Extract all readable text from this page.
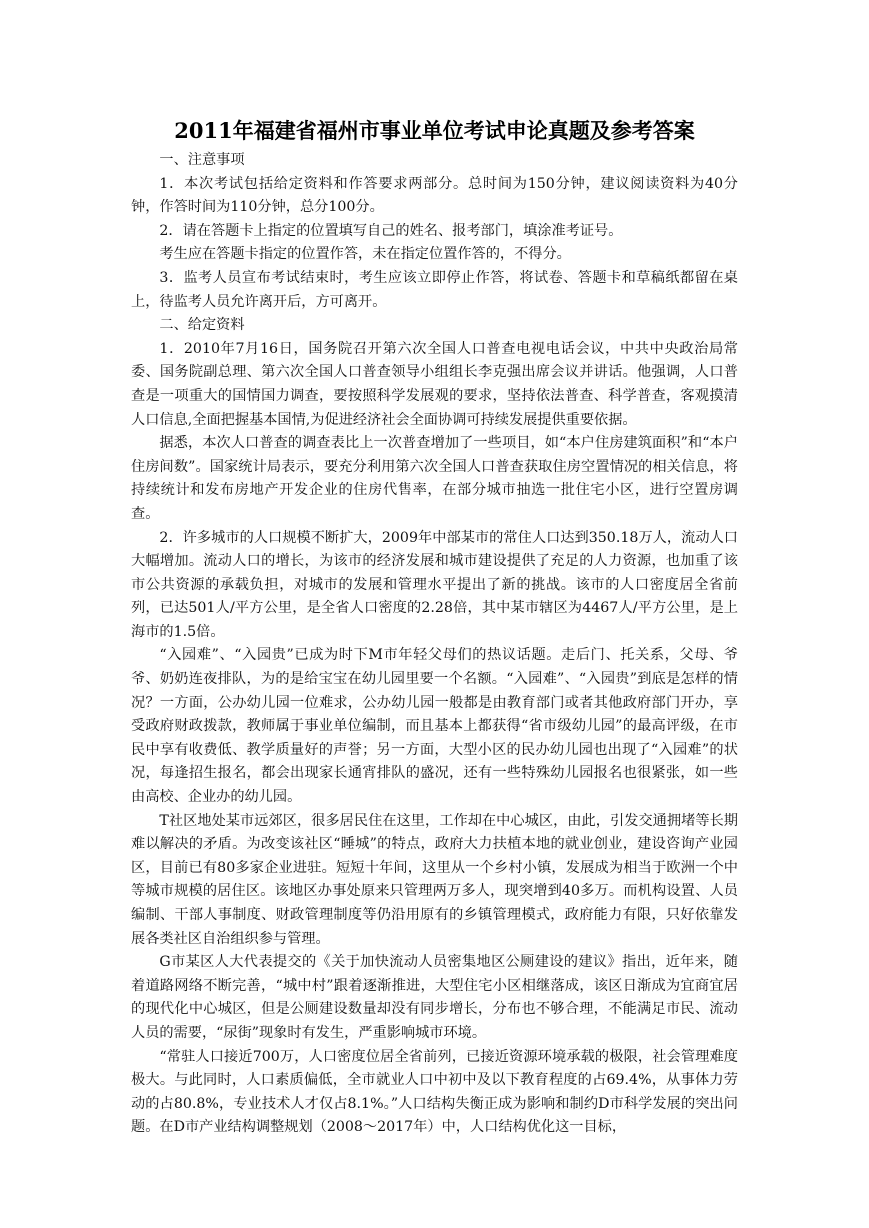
2011年福建省福州市事业单位考试申论真题及参考答案

一、注意事项

1．本次考试包括给定资料和作答要求两部分。总时间为150分钟，建议阅读资料为40分钟，作答时间为110分钟，总分100分。

2．请在答题卡上指定的位置填写自己的姓名、报考部门，填涂准考证号。

考生应在答题卡指定的位置作答，未在指定位置作答的，不得分。

3．监考人员宣布考试结束时，考生应该立即停止作答，将试卷、答题卡和草稿纸都留在桌上，待监考人员允许离开后，方可离开。

二、给定资料

1．2010年7月16日，国务院召开第六次全国人口普查电视电话会议，中共中央政治局常委、国务院副总理、第六次全国人口普查领导小组组长李克强出席会议并讲话。他强调，人口普查是一项重大的国情国力调查，要按照科学发展观的要求，坚持依法普查、科学普查，客观摸清人口信息,全面把握基本国情,为促进经济社会全面协调可持续发展提供重要依据。

据悉，本次人口普查的调查表比上一次普查增加了一些项目，如“本户住房建筑面积”和“本户住房间数”。国家统计局表示，要充分利用第六次全国人口普查获取住房空置情况的相关信息，将持续统计和发布房地产开发企业的住房代售率，在部分城市抽选一批住宅小区，进行空置房调查。

2．许多城市的人口规模不断扩大，2009年中部某市的常住人口达到350.18万人，流动人口大幅增加。流动人口的增长，为该市的经济发展和城市建设提供了充足的人力资源，也加重了该市公共资源的承载负担，对城市的发展和管理水平提出了新的挑战。该市的人口密度居全省前列，已达501人/平方公里，是全省人口密度的2.28倍，其中某市辖区为4467人/平方公里，是上海市的1.5倍。

“入园难”、“入园贵”已成为时下M市年轻父母们的热议话题。走后门、托关系，父母、爷爷、奶奶连夜排队，为的是给宝宝在幼儿园里要一个名额。“入园难”、“入园贵”到底是怎样的情况？一方面，公办幼儿园一位难求，公办幼儿园一般都是由教育部门或者其他政府部门开办，享受政府财政拨款，教师属于事业单位编制，而且基本上都获得“省市级幼儿园”的最高评级，在市民中享有收费低、教学质量好的声誉；另一方面，大型小区的民办幼儿园也出现了“入园难”的状况，每逢招生报名，都会出现家长通宵排队的盛况，还有一些特殊幼儿园报名也很紧张，如一些由高校、企业办的幼儿园。

T社区地处某市远郊区，很多居民住在这里，工作却在中心城区，由此，引发交通拥堵等长期难以解决的矛盾。为改变该社区“睡城”的特点，政府大力扶植本地的就业创业，建设咨询产业园区，目前已有80多家企业进驻。短短十年间，这里从一个乡村小镇，发展成为相当于欧洲一个中等城市规模的居住区。该地区办事处原来只管理两万多人，现突增到40多万。而机构设置、人员编制、干部人事制度、财政管理制度等仍沿用原有的乡镇管理模式，政府能力有限，只好依靠发展各类社区自治组织参与管理。

G市某区人大代表提交的《关于加快流动人员密集地区公厕建设的建议》指出，近年来，随着道路网络不断完善，“城中村”跟着逐渐推进，大型住宅小区相继落成，该区日渐成为宜商宜居的现代化中心城区，但是公厕建设数量却没有同步增长，分布也不够合理，不能满足市民、流动人员的需要，“尿街”现象时有发生，严重影响城市环境。

“常驻人口接近700万，人口密度位居全省前列，已接近资源环境承载的极限，社会管理难度极大。与此同时，人口素质偏低，全市就业人口中初中及以下教育程度的占69.4%，从事体力劳动的占80.8%，专业技术人才仅占8.1%。”人口结构失衡正成为影响和制约D市科学发展的突出问题。在D市产业结构调整规划（2008～2017年）中，人口结构优化这一目标，
